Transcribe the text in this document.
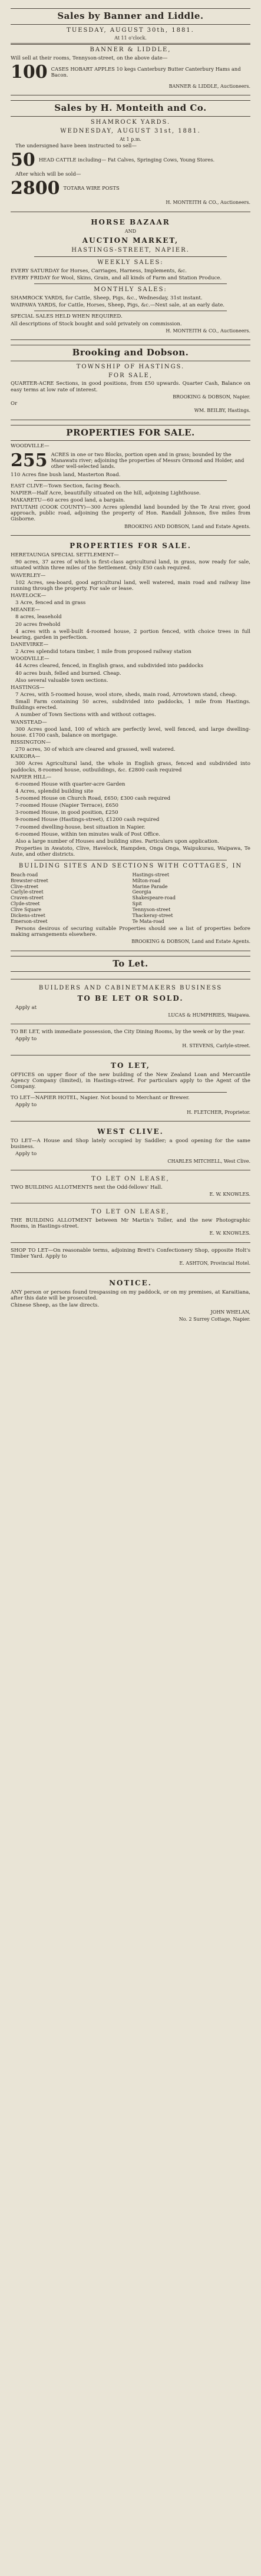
Sales by Banner and Liddle.
TUESDAY, AUGUST 30th, 1881.
At 11 o'clock.
BANNER & LIDDLE,
Will sell at their rooms, Tennyson-street, on the above date—
100 CASES HOBART APPLES 10 kegs Canterbury Butter Canterbury Hams and Bacon.
BANNER & LIDDLE, Auctioneers.
Sales by H. Monteith and Co.
SHAMROCK YARDS.
WEDNESDAY, AUGUST 31st, 1881.
At 1 p.m.
The undersigned have been instructed to sell—
50 HEAD CATTLE including— Fat Calves, Springing Cows, Young Stores.
After which will be sold—
2800 TOTARA WIRE POSTS
H. MONTEITH & CO., Auctioneers.
HORSE BAZAAR
AND
AUCTION MARKET,
HASTINGS-STREET, NAPIER.
WEEKLY SALES:
EVERY SATURDAY for Horses, Carriages, Harness, Implements, &c.
EVERY FRIDAY for Wool, Skins, Grain, and all kinds of Farm and Station Produce.
MONTHLY SALES:
SHAMROCK YARDS, for Cattle, Sheep, Pigs, &c., Wednesday, 31st instant.
WAIPAWA YARDS, for Cattle, Horses, Sheep, Pigs, &c.—Next sale, at an early date.
SPECIAL SALES HELD WHEN REQUIRED.
All descriptions of Stock bought and sold privately on commission.
H. MONTEITH & CO., Auctioneers.
Brooking and Dobson.
TOWNSHIP OF HASTINGS.
FOR SALE,
QUARTER-ACRE Sections, in good positions, from £50 upwards. Quarter Cash, Balance on easy terms at low rate of interest.
BROOKING & DOBSON, Napier.
Or
WM. BEILBY, Hastings.
PROPERTIES FOR SALE.
WOODVILLE—
255 ACRES in one or two Blocks, portion open and in grass; bounded by the Manawatu river; adjoining the properties of Messrs Ormond and Holder, and other well-selected lands.
110 Acres fine bush land, Masterton Road.
EAST CLIVE—Town Section, facing Beach.
NAPIER—Half Acre, beautifully situated on the hill, adjoining Lighthouse.
MAKARETU—60 acres good land, a bargain.
PATUTAHI (COOK COUNTY)—300 Acres splendid land bounded by the Te Arai river, good approach, public road, adjoining the property of Hon. Randall Johnson, five miles from Gisborne.
BROOKING AND DOBSON, Land and Estate Agents.
PROPERTIES FOR SALE.
HERETAUNGA SPECIAL SETTLEMENT—
90 acres, 37 acres of which is first-class agricultural land, in grass, now ready for sale, situated within three miles of the Settlement. Only £50 cash required.
WAVERLEY—
102 Acres, sea-board, good agricultural land, well watered, main road and railway line running through the property. For sale or lease.
HAVELOCK—
3 Acre, fenced and in grass
MEANEE—
8 acres, leasehold
20 acres freehold
4 acres with a well-built 4-roomed house, 2 portion fenced, with choice trees in full bearing, garden in perfection.
DANEVIRKE—
2 Acres splendid totara timber, 1 mile from proposed railway station
WOODVILLE—
44 Acres cleared, fenced, in English grass, and subdivided into paddocks
40 acres bush, felled and burned. Cheap.
Also several valuable town sections.
HASTINGS—
7 Acres, with 5-roomed house, wool store, sheds, main road, Arrowtown stand, cheap.
Small Farm containing 50 acres, subdivided into paddocks, 1 mile from Hastings. Buildings erected.
A number of Town Sections with and without cottages.
WANSTEAD—
300 Acres good land, 100 of which are perfectly level, well fenced, and large dwelling-house. £1700 cash, balance on mortgage.
RISSINGTON—
270 acres, 30 of which are cleared and grassed, well watered.
KAIKORA—
300 Acres Agricultural land, the whole in English grass, fenced and subdivided into paddocks, 8-roomed house, outbuildings, &c. £2800 cash required
NAPIER HILL—
6-roomed House with quarter-acre Garden
4 Acres, splendid building site
5-roomed House on Church Road, £650; £300 cash required
7-roomed House (Napier Terrace), £650
3-roomed House, in good position, £250
9-roomed House (Hastings-street), £1200 cash required
7-roomed dwelling-house, best situation in Napier.
6-roomed House, within ten minutes walk of Post Office.
Also a large number of Houses and building sites. Particulars upon application.
Properties in Awatoto, Clive, Havelock, Hampden, Onga Onga, Waipukurau, Waipawa, Te Aute, and other districts.
BUILDING SITES AND SECTIONS WITH COTTAGES, IN
Beach-road
Brewster-street
Clive-street
Carlyle-street
Craven-street
Clyde-street
Clive Square
Dickens-street
Emerson-street
Hastings-street
Milton-road
Marine Parade
Georgia
Shakespeare-road
Spit
Tennyson-street
Thackeray-street
Te Mata-road
Persons desirous of securing suitable Properties should see a list of properties before making arrangements elsewhere.
BROOKING & DOBSON, Land and Estate Agents.
To Let.
BUILDERS AND CABINETMAKERS BUSINESS
TO BE LET OR SOLD.
Apply at
LUCAS & HUMPHRIES, Waipawa.
TO BE LET, with immediate possession, the City Dining Rooms, by the week or by the year.
Apply to
H. STEVENS, Carlyle-street.
TO LET,
OFFICES on upper floor of the new building of the New Zealand Loan and Mercantile Agency Company (limited), in Hastings-street. For particulars apply to the Agent of the Company.
TO LET—NAPIER HOTEL, Napier. Not bound to Merchant or Brewer.
Apply to
H. FLETCHER, Proprietor.
WEST CLIVE.
TO LET—A House and Shop lately occupied by Saddler; a good opening for the same business.
Apply to
CHARLES MITCHELL, West Clive.
TO LET ON LEASE,
TWO BUILDING ALLOTMENTS next the Odd-fellows' Hall.
E. W. KNOWLES.
TO LET ON LEASE,
THE BUILDING ALLOTMENT between Mr Martin's Toller, and the new Photographic Rooms, in Hastings-street.
E. W. KNOWLES.
SHOP TO LET—On reasonable terms, adjoining Brett's Confectionery Shop, opposite Holt's Timber Yard. Apply to
E. ASHTON, Provincial Hotel.
NOTICE.
ANY person or persons found trespassing on my paddock, or on my premises, at Karaitiana, after this date will be prosecuted.
Chinese Sheep, as the law directs.
JOHN WHELAN,
No. 2 Surrey Cottage, Napier.
